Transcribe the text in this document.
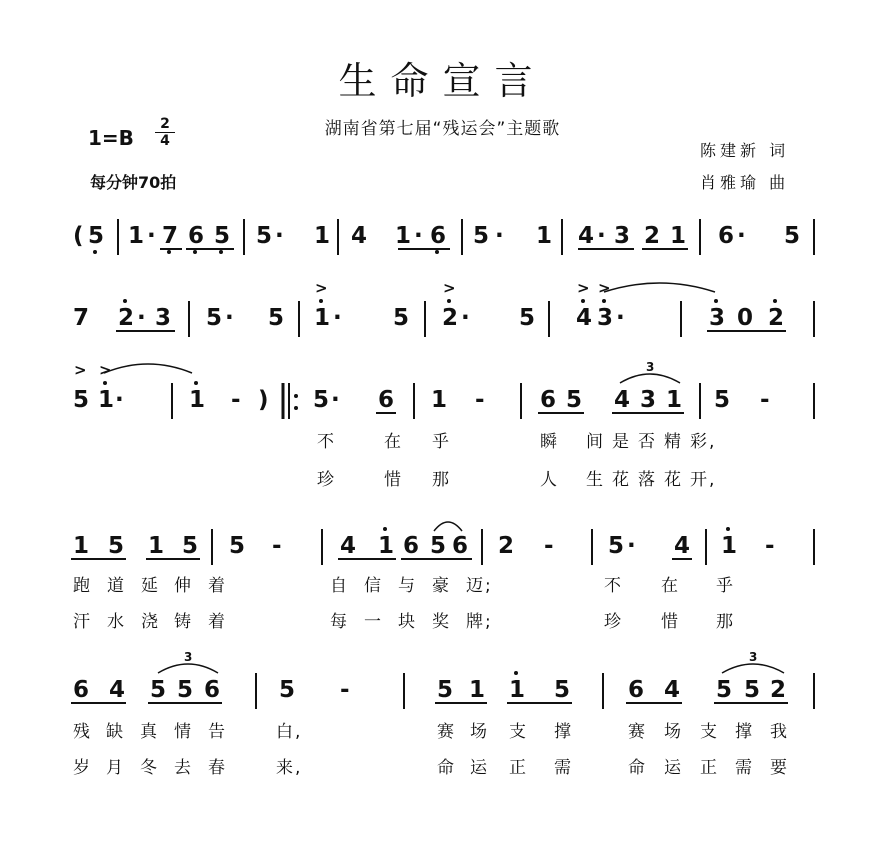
生命宣言
湖南省第七届“残运会”主题歌
1=B
2
4
每分钟70拍
陈建新 词
肖雅瑜 曲
( 5 1 · 7 6 5 5 · 1 4 1 · 6 5 · 1 4 · 3 2 1 6 · 5
7 2 · 3 5 · 5 1 · 5
>
2 · 5
>
4 3 ·
> >
3 0 2
5 1 ·
> >
1 - ) 5 · 6 1 - 6 5 4 3 1
3
5 -
不	在 乎	瞬 间 是 否 精 彩,
珍	惜 那	人 生 花 落 花 开,
1 5 1 5 5 -	4 1 6 5 6 2 - 5 · 4 1 -
跑 道 延 伸 着	自 信 与 豪 迈;	不 在 乎
汗 水 浇 铸 着	每 一 块 奖 牌;	珍 惜 那
6 4 5 5 6
3
5 -	5 1 1 5	6 4 5 5 2
3
残 缺 真 情 告	白,	赛 场 支 撑	赛 场 支 撑 我
岁 月 冬 去 春	来,	命 运 正 需	命 运 正 需 要
